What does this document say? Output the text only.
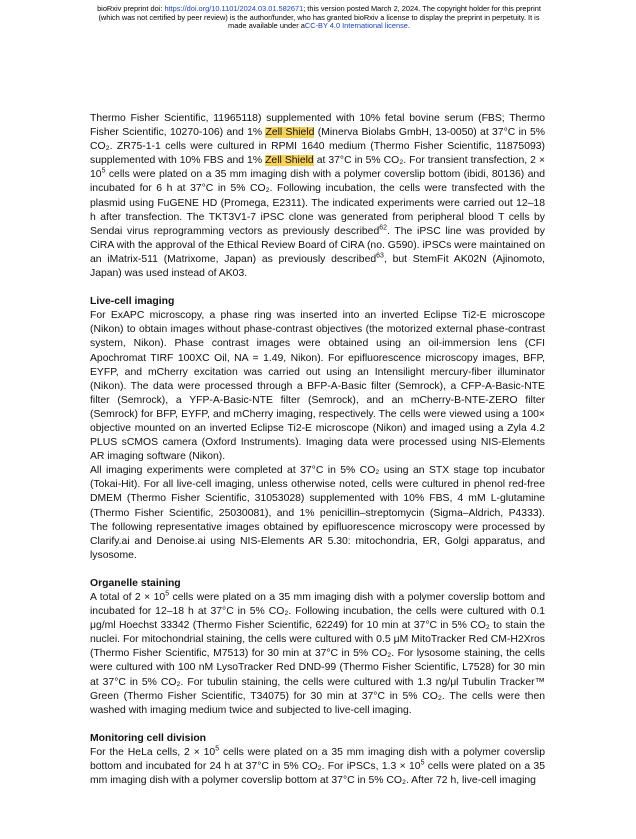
bioRxiv preprint doi: https://doi.org/10.1101/2024.03.01.582671; this version posted March 2, 2024. The copyright holder for this preprint
(which was not certified by peer review) is the author/funder, who has granted bioRxiv a license to display the preprint in perpetuity. It is
made available under aCC-BY 4.0 International license.

Thermo Fisher Scientific, 11965118) supplemented with 10% fetal bovine serum (FBS; Thermo Fisher Scientific, 10270-106) and 1% Zell Shield (Minerva Biolabs GmbH, 13-0050) at 37°C in 5% CO₂. ZR75-1-1 cells were cultured in RPMI 1640 medium (Thermo Fisher Scientific, 11875093) supplemented with 10% FBS and 1% Zell Shield at 37°C in 5% CO₂. For transient transfection, $2 \times 10^5$ cells were plated on a 35 mm imaging dish with a polymer coverslip bottom (ibidi, 80136) and incubated for 6 h at 37°C in 5% CO₂. Following incubation, the cells were transfected with the plasmid using FuGENE HD (Promega, E2311). The indicated experiments were carried out 12–18 h after transfection. The TKT3V1-7 iPSC clone was generated from peripheral blood T cells by Sendai virus reprogramming vectors as previously described$^{62}$. The iPSC line was provided by CiRA with the approval of the Ethical Review Board of CiRA (no. G590). iPSCs were maintained on an iMatrix-511 (Matrixome, Japan) as previously described$^{63}$, but StemFit AK02N (Ajinomoto, Japan) was used instead of AK03.

Live-cell imaging

For ExAPC microscopy, a phase ring was inserted into an inverted Eclipse Ti2-E microscope (Nikon) to obtain images without phase-contrast objectives (the motorized external phase-contrast system, Nikon). Phase contrast images were obtained using an oil-immersion lens (CFI Apochromat TIRF 100XC Oil, NA = 1.49, Nikon). For epifluorescence microscopy images, BFP, EYFP, and mCherry excitation was carried out using an Intensilight mercury-fiber illuminator (Nikon). The data were processed through a BFP-A-Basic filter (Semrock), a CFP-A-Basic-NTE filter (Semrock), a YFP-A-Basic-NTE filter (Semrock), and an mCherry-B-NTE-ZERO filter (Semrock) for BFP, EYFP, and mCherry imaging, respectively. The cells were viewed using a 100× objective mounted on an inverted Eclipse Ti2-E microscope (Nikon) and imaged using a Zyla 4.2 PLUS sCMOS camera (Oxford Instruments). Imaging data were processed using NIS-Elements AR imaging software (Nikon).

All imaging experiments were completed at 37°C in 5% CO₂ using an STX stage top incubator (Tokai-Hit). For all live-cell imaging, unless otherwise noted, cells were cultured in phenol red-free DMEM (Thermo Fisher Scientific, 31053028) supplemented with 10% FBS, 4 mM L-glutamine (Thermo Fisher Scientific, 25030081), and 1% penicillin–streptomycin (Sigma–Aldrich, P4333). The following representative images obtained by epifluorescence microscopy were processed by Clarify.ai and Denoise.ai using NIS-Elements AR 5.30: mitochondria, ER, Golgi apparatus, and lysosome.

Organelle staining

A total of $2 \times 10^5$ cells were plated on a 35 mm imaging dish with a polymer coverslip bottom and incubated for 12–18 h at 37°C in 5% CO₂. Following incubation, the cells were cultured with 0.1 μg/ml Hoechst 33342 (Thermo Fisher Scientific, 62249) for 10 min at 37°C in 5% CO₂ to stain the nuclei. For mitochondrial staining, the cells were cultured with 0.5 μM MitoTracker Red CM-H2Xros (Thermo Fisher Scientific, M7513) for 30 min at 37°C in 5% CO₂. For lysosome staining, the cells were cultured with 100 nM LysoTracker Red DND-99 (Thermo Fisher Scientific, L7528) for 30 min at 37°C in 5% CO₂. For tubulin staining, the cells were cultured with 1.3 ng/μl Tubulin Tracker™ Green (Thermo Fisher Scientific, T34075) for 30 min at 37°C in 5% CO₂. The cells were then washed with imaging medium twice and subjected to live-cell imaging.

Monitoring cell division

For the HeLa cells, $2 \times 10^5$ cells were plated on a 35 mm imaging dish with a polymer coverslip bottom and incubated for 24 h at 37°C in 5% CO₂. For iPSCs, $1.3 \times 10^5$ cells were plated on a 35 mm imaging dish with a polymer coverslip bottom at 37°C in 5% CO₂. After 72 h, live-cell imaging
